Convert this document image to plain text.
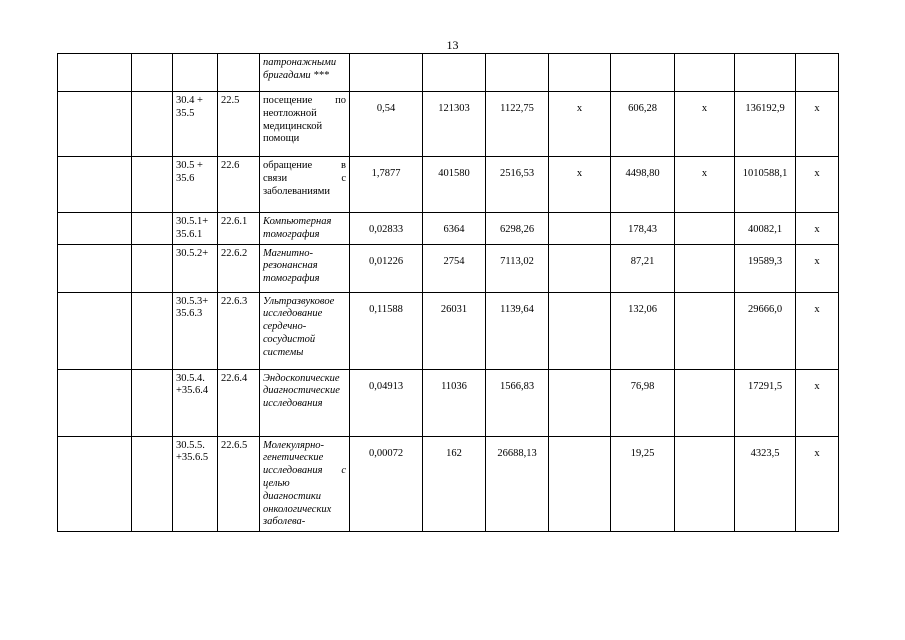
13
				патронажными бригадами ***								
		30.4 + 35.5	22.5	посещение по неотложной медицинской помощи	0,54	121303	1122,75	x	606,28	x	136192,9	x
		30.5 + 35.6	22.6	обращение в связи с заболеваниями	1,7877	401580	2516,53	x	4498,80	x	1010588,1	x
		30.5.1+ 35.6.1	22.6.1	Компьютерная томография	0,02833	6364	6298,26		178,43		40082,1	x
		30.5.2+	22.6.2	Магнитно-резонансная томография	0,01226	2754	7113,02		87,21		19589,3	x
		30.5.3+ 35.6.3	22.6.3	Ультразвуковое исследование сердечно-сосудистой системы	0,11588	26031	1139,64		132,06		29666,0	x
		30.5.4. +35.6.4	22.6.4	Эндоскопические диагностические исследования	0,04913	11036	1566,83		76,98		17291,5	x
		30.5.5. +35.6.5	22.6.5	Молекулярно-генетические исследования с целью диагностики онкологических заболева-	0,00072	162	26688,13		19,25		4323,5	x
